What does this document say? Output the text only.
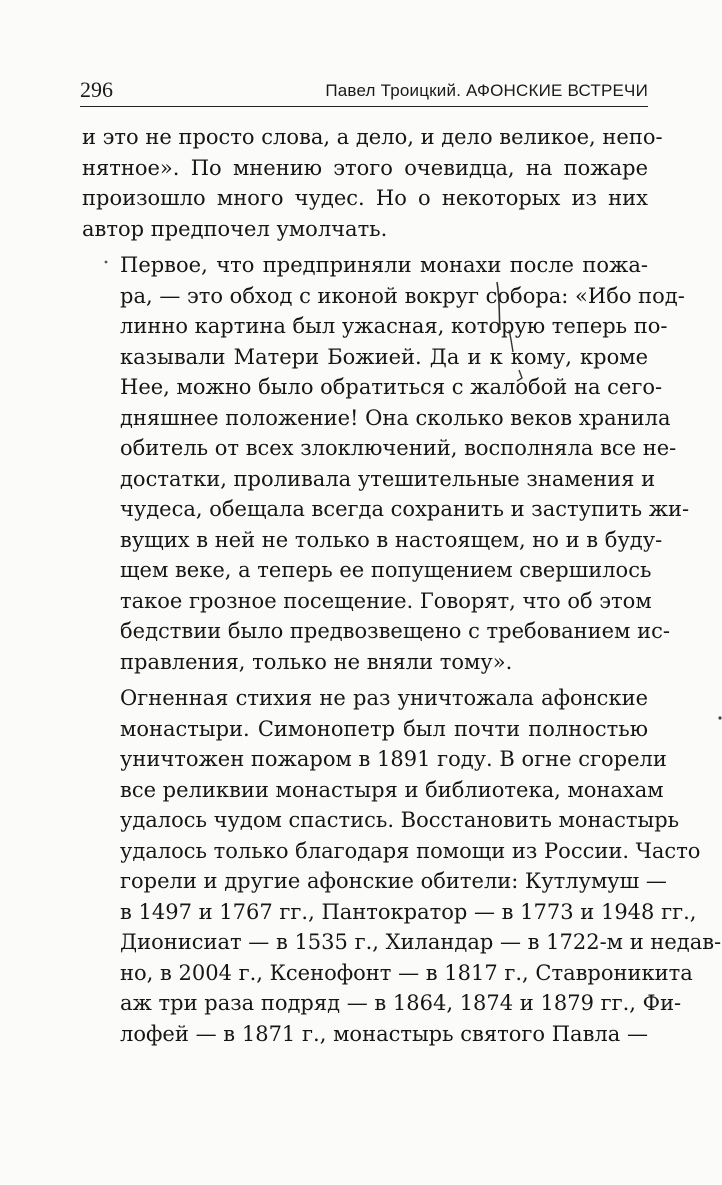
296	Павел Троицкий. АФОНСКИЕ ВСТРЕЧИ

и это не просто слова, а дело, и дело великое, непо-
нятное». По мнению этого очевидца, на пожаре
произошло много чудес. Но о некоторых из них
автор предпочел умолчать.

Первое, что предприняли монахи после пожа-
ра, — это обход с иконой вокруг собора: «Ибо под-
линно картина был ужасная, которую теперь по-
казывали Матери Божией. Да и к кому, кроме
Нее, можно было обратиться с жалобой на сего-
дняшнее положение! Она сколько веков хранила
обитель от всех злоключений, восполняла все не-
достатки, проливала утешительные знамения и
чудеса, обещала всегда сохранить и заступить жи-
вущих в ней не только в настоящем, но и в буду-
щем веке, а теперь ее попущением свершилось
такое грозное посещение. Говорят, что об этом
бедствии было предвозвещено с требованием ис-
правления, только не вняли тому».

Огненная стихия не раз уничтожала афонские
монастыри. Симонопетр был почти полностью
уничтожен пожаром в 1891 году. В огне сгорели
все реликвии монастыря и библиотека, монахам
удалось чудом спастись. Восстановить монастырь
удалось только благодаря помощи из России. Часто
горели и другие афонские обители: Кутлумуш —
в 1497 и 1767 гг., Пантократор — в 1773 и 1948 гг.,
Дионисиат — в 1535 г., Хиландар — в 1722-м и недав-
но, в 2004 г., Ксенофонт — в 1817 г., Ставроникита
аж три раза подряд — в 1864, 1874 и 1879 гг., Фи-
лофей — в 1871 г., монастырь святого Павла —
